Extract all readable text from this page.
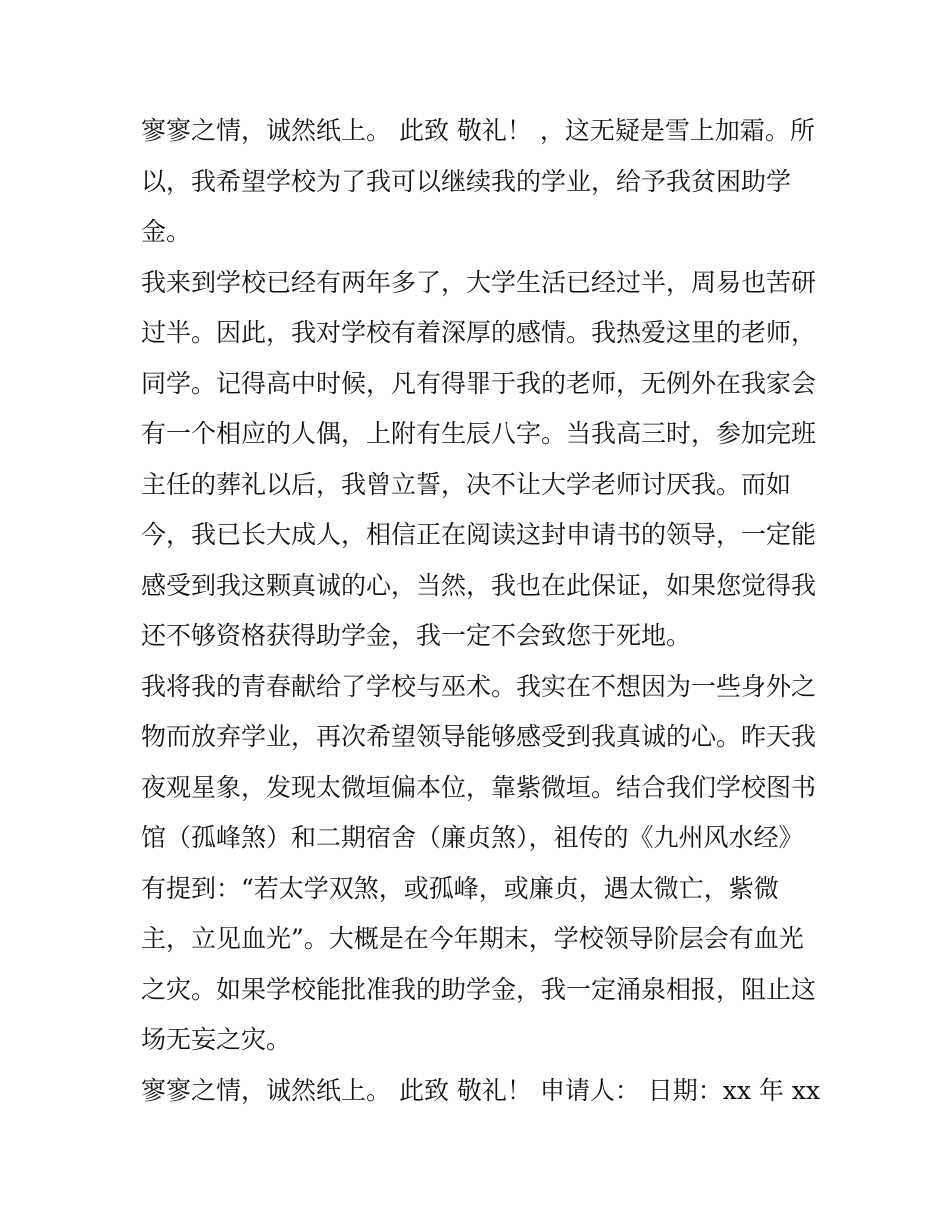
寥寥之情，诚然纸上。 此致 敬礼！ ，这无疑是雪上加霜。所
以，我希望学校为了我可以继续我的学业，给予我贫困助学
金。
我来到学校已经有两年多了，大学生活已经过半，周易也苦研
过半。因此，我对学校有着深厚的感情。我热爱这里的老师，
同学。记得高中时候，凡有得罪于我的老师，无例外在我家会
有一个相应的人偶，上附有生辰八字。当我高三时，参加完班
主任的葬礼以后，我曾立誓，决不让大学老师讨厌我。而如
今，我已长大成人，相信正在阅读这封申请书的领导，一定能
感受到我这颗真诚的心，当然，我也在此保证，如果您觉得我
还不够资格获得助学金，我一定不会致您于死地。
我将我的青春献给了学校与巫术。我实在不想因为一些身外之
物而放弃学业，再次希望领导能够感受到我真诚的心。昨天我
夜观星象，发现太微垣偏本位，靠紫微垣。结合我们学校图书
馆（孤峰煞）和二期宿舍（廉贞煞），祖传的《九州风水经》
有提到：“若太学双煞，或孤峰，或廉贞，遇太微亡，紫微
主，立见血光”。大概是在今年期末，学校领导阶层会有血光
之灾。如果学校能批准我的助学金，我一定涌泉相报，阻止这
场无妄之灾。
寥寥之情，诚然纸上。 此致 敬礼！ 申请人： 日期：xx 年 xx
